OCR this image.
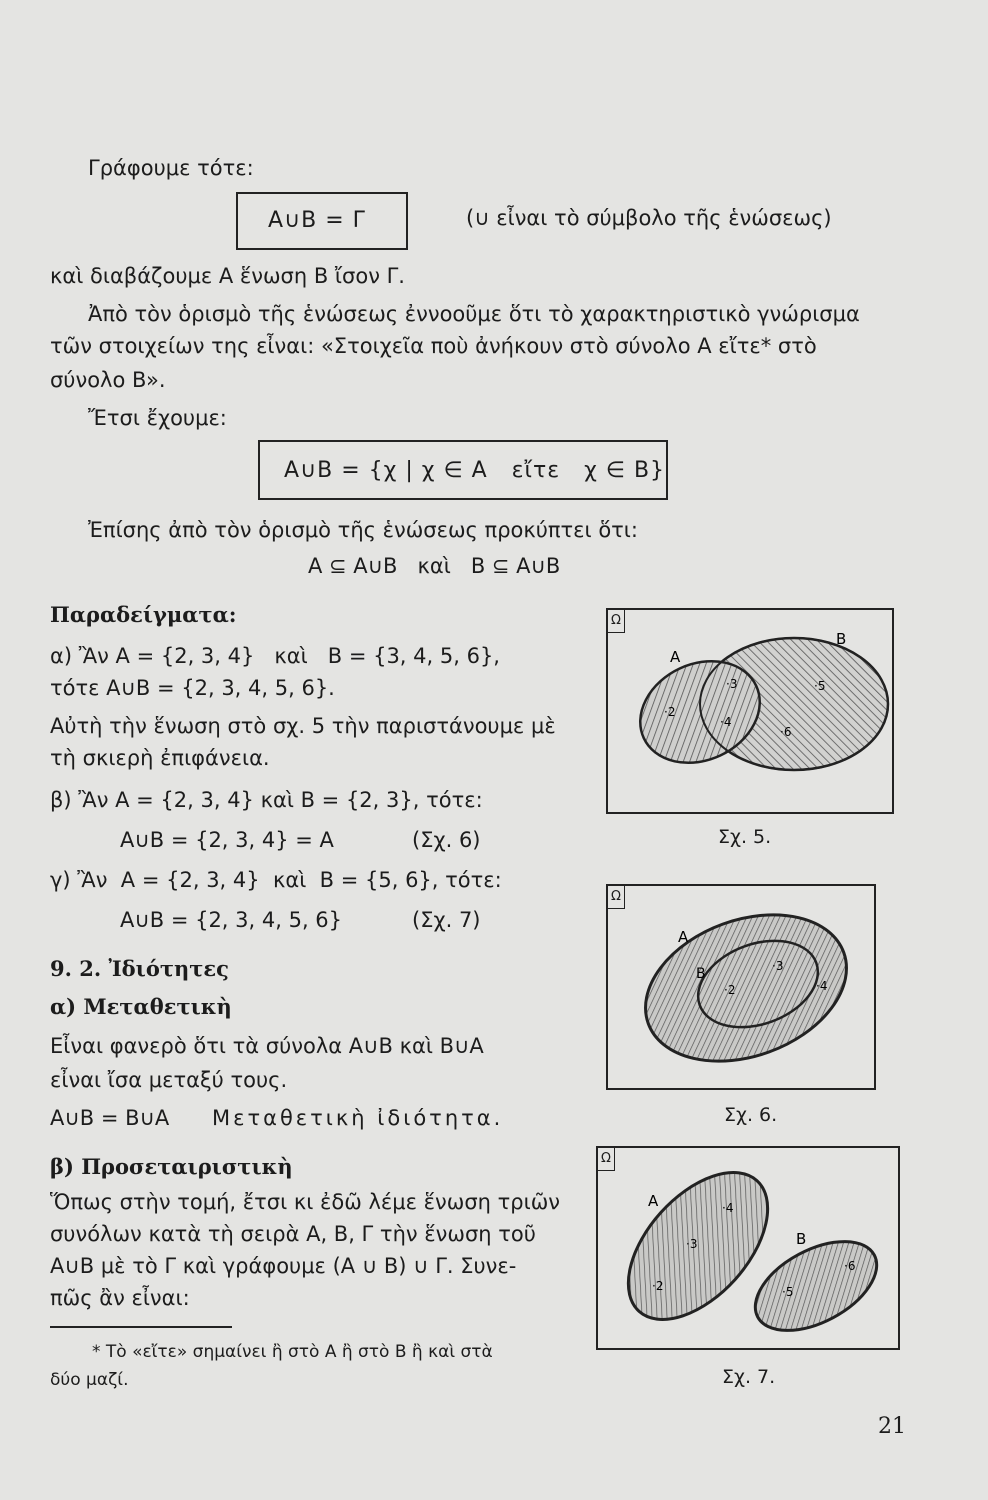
Γράφουμε τότε:
A∪B = Γ	(∪ εἶναι τὸ σύμβολο τῆς ἑνώσεως)
καὶ διαβάζουμε A ἕνωση B ἴσον Γ.
Ἀπὸ τὸν ὁρισμὸ τῆς ἑνώσεως ἐννοοῦμε ὅτι τὸ χαρακτηριστικὸ γνώρισμα
τῶν στοιχείων της εἶναι: «Στοιχεῖα ποὺ ἀνήκουν στὸ σύνολο A εἴτε* στὸ
σύνολο B».
Ἔτσι ἔχουμε:
A∪B = {χ | χ ∈ A   εἴτε   χ ∈ B}
Ἐπίσης ἀπὸ τὸν ὁρισμὸ τῆς ἑνώσεως προκύπτει ὅτι:
A ⊆ A∪B   καὶ   B ⊆ A∪B
Παραδείγματα:
α) Ἂν A = {2, 3, 4}   καὶ   B = {3, 4, 5, 6},
τότε A∪B = {2, 3, 4, 5, 6}.
Αὐτὴ τὴν ἕνωση στὸ σχ. 5 τὴν παριστάνουμε μὲ
τὴ σκιερὴ ἐπιφάνεια.
β) Ἂν A = {2, 3, 4} καὶ B = {2, 3}, τότε:
A∪B = {2, 3, 4} = A	(Σχ. 6)
γ) Ἂν  A = {2, 3, 4}  καὶ  B = {5, 6}, τότε:
A∪B = {2, 3, 4, 5, 6}	(Σχ. 7)
9. 2. Ἰδιότητες
α) Μεταθετικὴ
Εἶναι φανερὸ ὅτι τὰ σύνολα A∪B καὶ B∪A
εἶναι ἴσα μεταξύ τους.
A∪B = B∪A Μεταθετικὴ ἰδιότητα.
β) Προσεταιριστικὴ
Ὅπως στὴν τομή, ἔτσι κι ἐδῶ λέμε ἕνωση τριῶν
συνόλων κατὰ τὴ σειρὰ A, B, Γ τὴν ἕνωση τοῦ
A∪B μὲ τὸ Γ καὶ γράφουμε (A ∪ B) ∪ Γ. Συνε-
πῶς ἂν εἶναι:
* Τὸ «εἴτε» σημαίνει ἢ στὸ A ἢ στὸ B ἢ καὶ στὰ
δύο μαζί.
Ω
A
B
·2
·3
·4
·5
·6
Σχ. 5.
Ω
A
B
·2
·3
·4
Σχ. 6.
Ω
A
B
·2
·3
·4
·5
·6
Σχ. 7.
21
